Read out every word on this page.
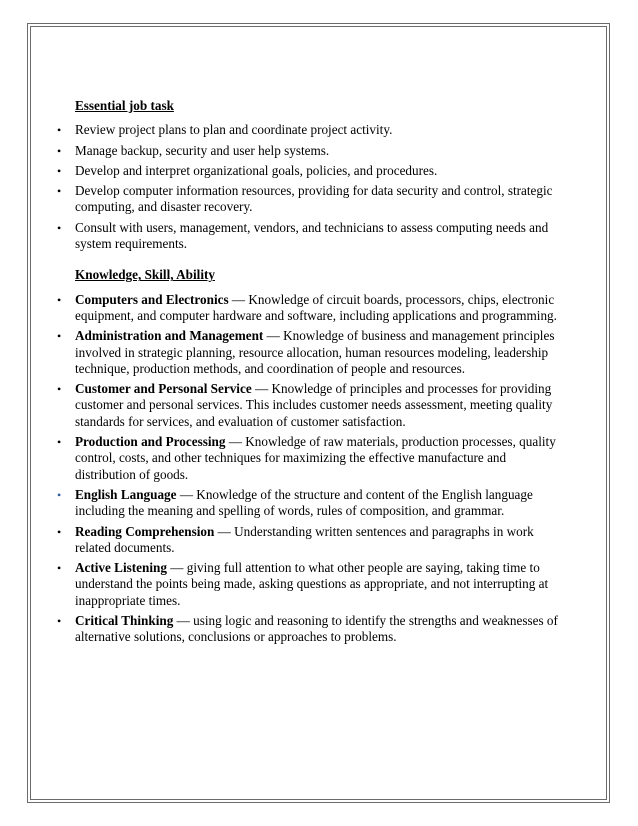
Essential job task
•	Review project plans to plan and coordinate project activity.
•	Manage backup, security and user help systems.
•	Develop and interpret organizational goals, policies, and procedures.
•	Develop computer information resources, providing for data security and control, strategic computing, and disaster recovery.
•	Consult with users, management, vendors, and technicians to assess computing needs and system requirements.
Knowledge, Skill, Ability
•	Computers and Electronics — Knowledge of circuit boards, processors, chips, electronic equipment, and computer hardware and software, including applications and programming.
•	Administration and Management — Knowledge of business and management principles involved in strategic planning, resource allocation, human resources modeling, leadership technique, production methods, and coordination of people and resources.
•	Customer and Personal Service — Knowledge of principles and processes for providing customer and personal services. This includes customer needs assessment, meeting quality standards for services, and evaluation of customer satisfaction.
•	Production and Processing — Knowledge of raw materials, production processes, quality control, costs, and other techniques for maximizing the effective manufacture and distribution of goods.
•	English Language — Knowledge of the structure and content of the English language including the meaning and spelling of words, rules of composition, and grammar.
•	Reading Comprehension — Understanding written sentences and paragraphs in work related documents.
•	Active Listening — giving full attention to what other people are saying, taking time to understand the points being made, asking questions as appropriate, and not interrupting at inappropriate times.
•	Critical Thinking — using logic and reasoning to identify the strengths and weaknesses of alternative solutions, conclusions or approaches to problems.
